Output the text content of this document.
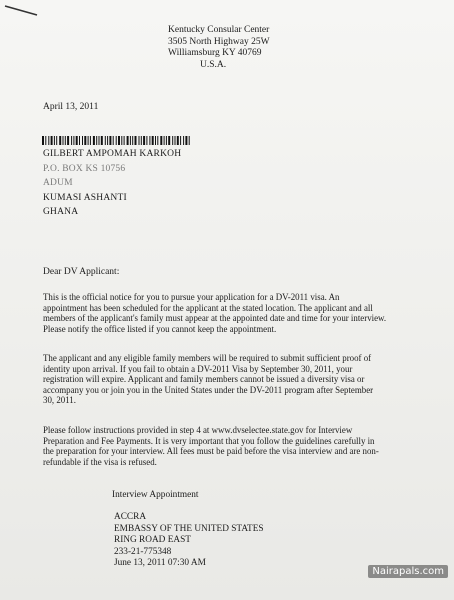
Kentucky Consular Center
3505 North Highway 25W
Williamsburg KY 40769
U.S.A.
April 13, 2011
GILBERT AMPOMAH KARKOH
P.O. BOX KS 10756
ADUM
KUMASI ASHANTI
GHANA
Dear DV Applicant:
This is the official notice for you to pursue your application for a DV-2011 visa. An
appointment has been scheduled for the applicant at the stated location. The applicant and all
members of the applicant's family must appear at the appointed date and time for your interview.
Please notify the office listed if you cannot keep the appointment.
The applicant and any eligible family members will be required to submit sufficient proof of
identity upon arrival. If you fail to obtain a DV-2011 Visa by September 30, 2011, your
registration will expire. Applicant and family members cannot be issued a diversity visa or
accompany you or join you in the United States under the DV-2011 program after September
30, 2011.
Please follow instructions provided in step 4 at www.dvselectee.state.gov for Interview
Preparation and Fee Payments. It is very important that you follow the guidelines carefully in
the preparation for your interview. All fees must be paid before the visa interview and are non-
refundable if the visa is refused.
Interview Appointment
ACCRA
EMBASSY OF THE UNITED STATES
RING ROAD EAST
233-21-775348
June 13, 2011 07:30 AM
Nairapals.com
